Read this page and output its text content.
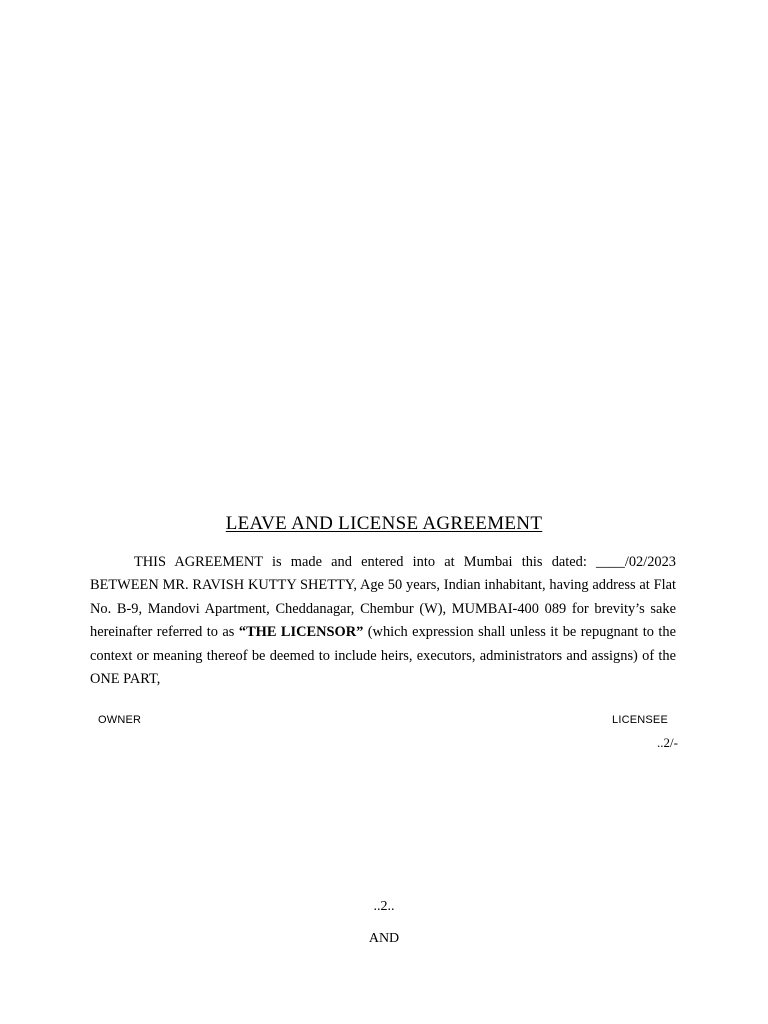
LEAVE AND LICENSE AGREEMENT
THIS AGREEMENT is made and entered into at Mumbai this dated: ____/02/2023 BETWEEN MR. RAVISH KUTTY SHETTY, Age 50 years, Indian inhabitant, having address at Flat No. B-9, Mandovi Apartment, Cheddanagar, Chembur (W), MUMBAI-400 089 for brevity’s sake hereinafter referred to as “THE LICENSOR” (which expression shall unless it be repugnant to the context or meaning thereof be deemed to include heirs, executors, administrators and assigns) of the ONE PART,
OWNER	LICENSEE
..2/-
..2..
AND
